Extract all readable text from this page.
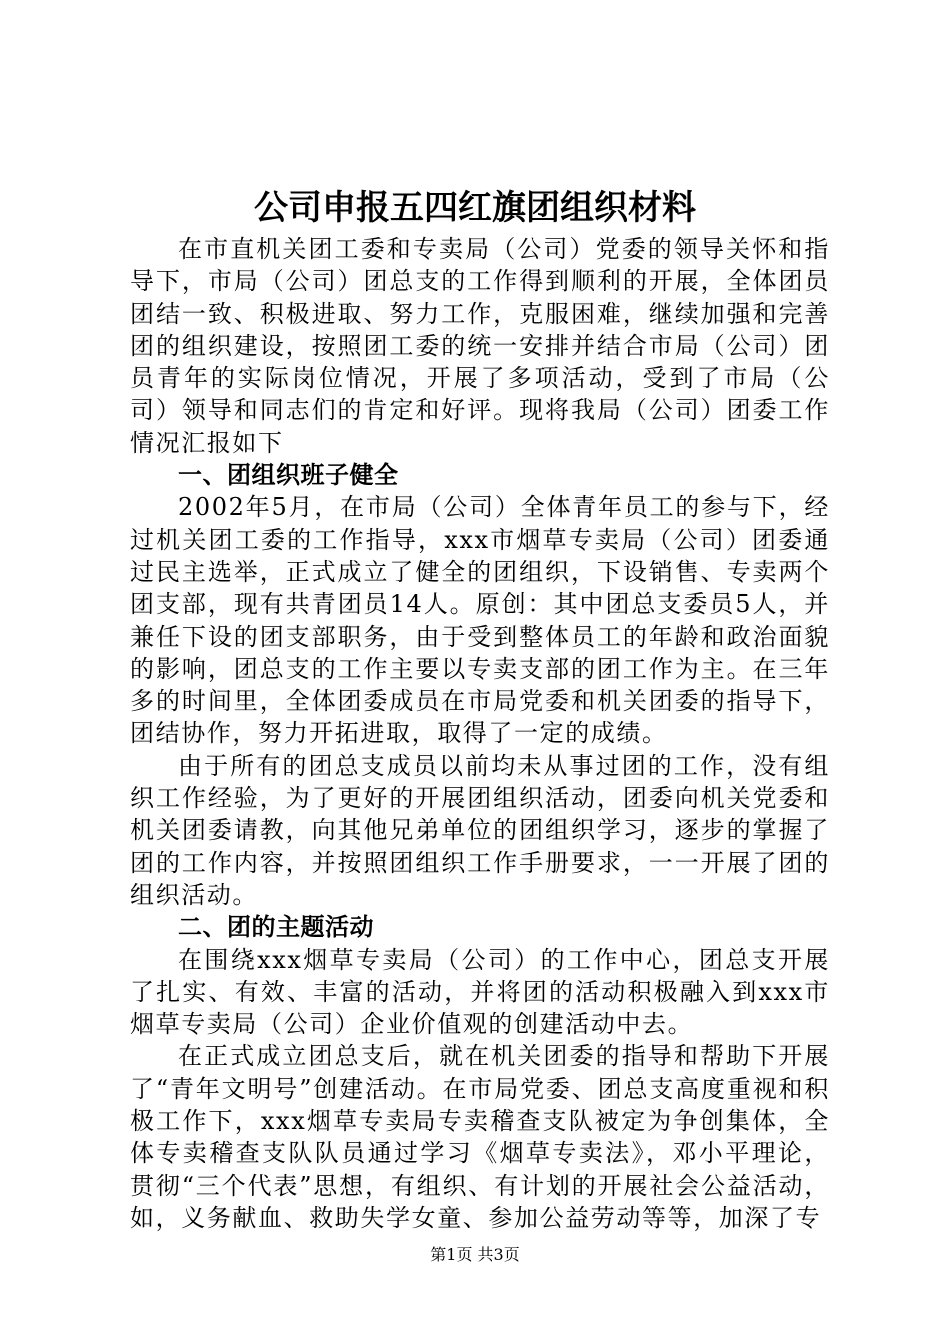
公司申报五四红旗团组织材料

在市直机关团工委和专卖局（公司）党委的领导关怀和指导下，市局（公司）团总支的工作得到顺利的开展，全体团员团结一致、积极进取、努力工作，克服困难，继续加强和完善团的组织建设，按照团工委的统一安排并结合市局（公司）团员青年的实际岗位情况，开展了多项活动，受到了市局（公司）领导和同志们的肯定和好评。现将我局（公司）团委工作情况汇报如下

一、团组织班子健全

2002年5月，在市局（公司）全体青年员工的参与下，经过机关团工委的工作指导，xxx市烟草专卖局（公司）团委通过民主选举，正式成立了健全的团组织，下设销售、专卖两个团支部，现有共青团员14人。原创：其中团总支委员5人，并兼任下设的团支部职务，由于受到整体员工的年龄和政治面貌的影响，团总支的工作主要以专卖支部的团工作为主。在三年多的时间里，全体团委成员在市局党委和机关团委的指导下，团结协作，努力开拓进取，取得了一定的成绩。

由于所有的团总支成员以前均未从事过团的工作，没有组织工作经验，为了更好的开展团组织活动，团委向机关党委和机关团委请教，向其他兄弟单位的团组织学习，逐步的掌握了团的工作内容，并按照团组织工作手册要求，一一开展了团的组织活动。

二、团的主题活动

在围绕xxx烟草专卖局（公司）的工作中心，团总支开展了扎实、有效、丰富的活动，并将团的活动积极融入到xxx市烟草专卖局（公司）企业价值观的创建活动中去。

在正式成立团总支后，就在机关团委的指导和帮助下开展了“青年文明号”创建活动。在市局党委、团总支高度重视和积极工作下，xxx烟草专卖局专卖稽查支队被定为争创集体，全体专卖稽查支队队员通过学习《烟草专卖法》，邓小平理论，贯彻“三个代表”思想，有组织、有计划的开展社会公益活动，如，义务献血、救助失学女童、参加公益劳动等等，加深了专

第1页 共3页
